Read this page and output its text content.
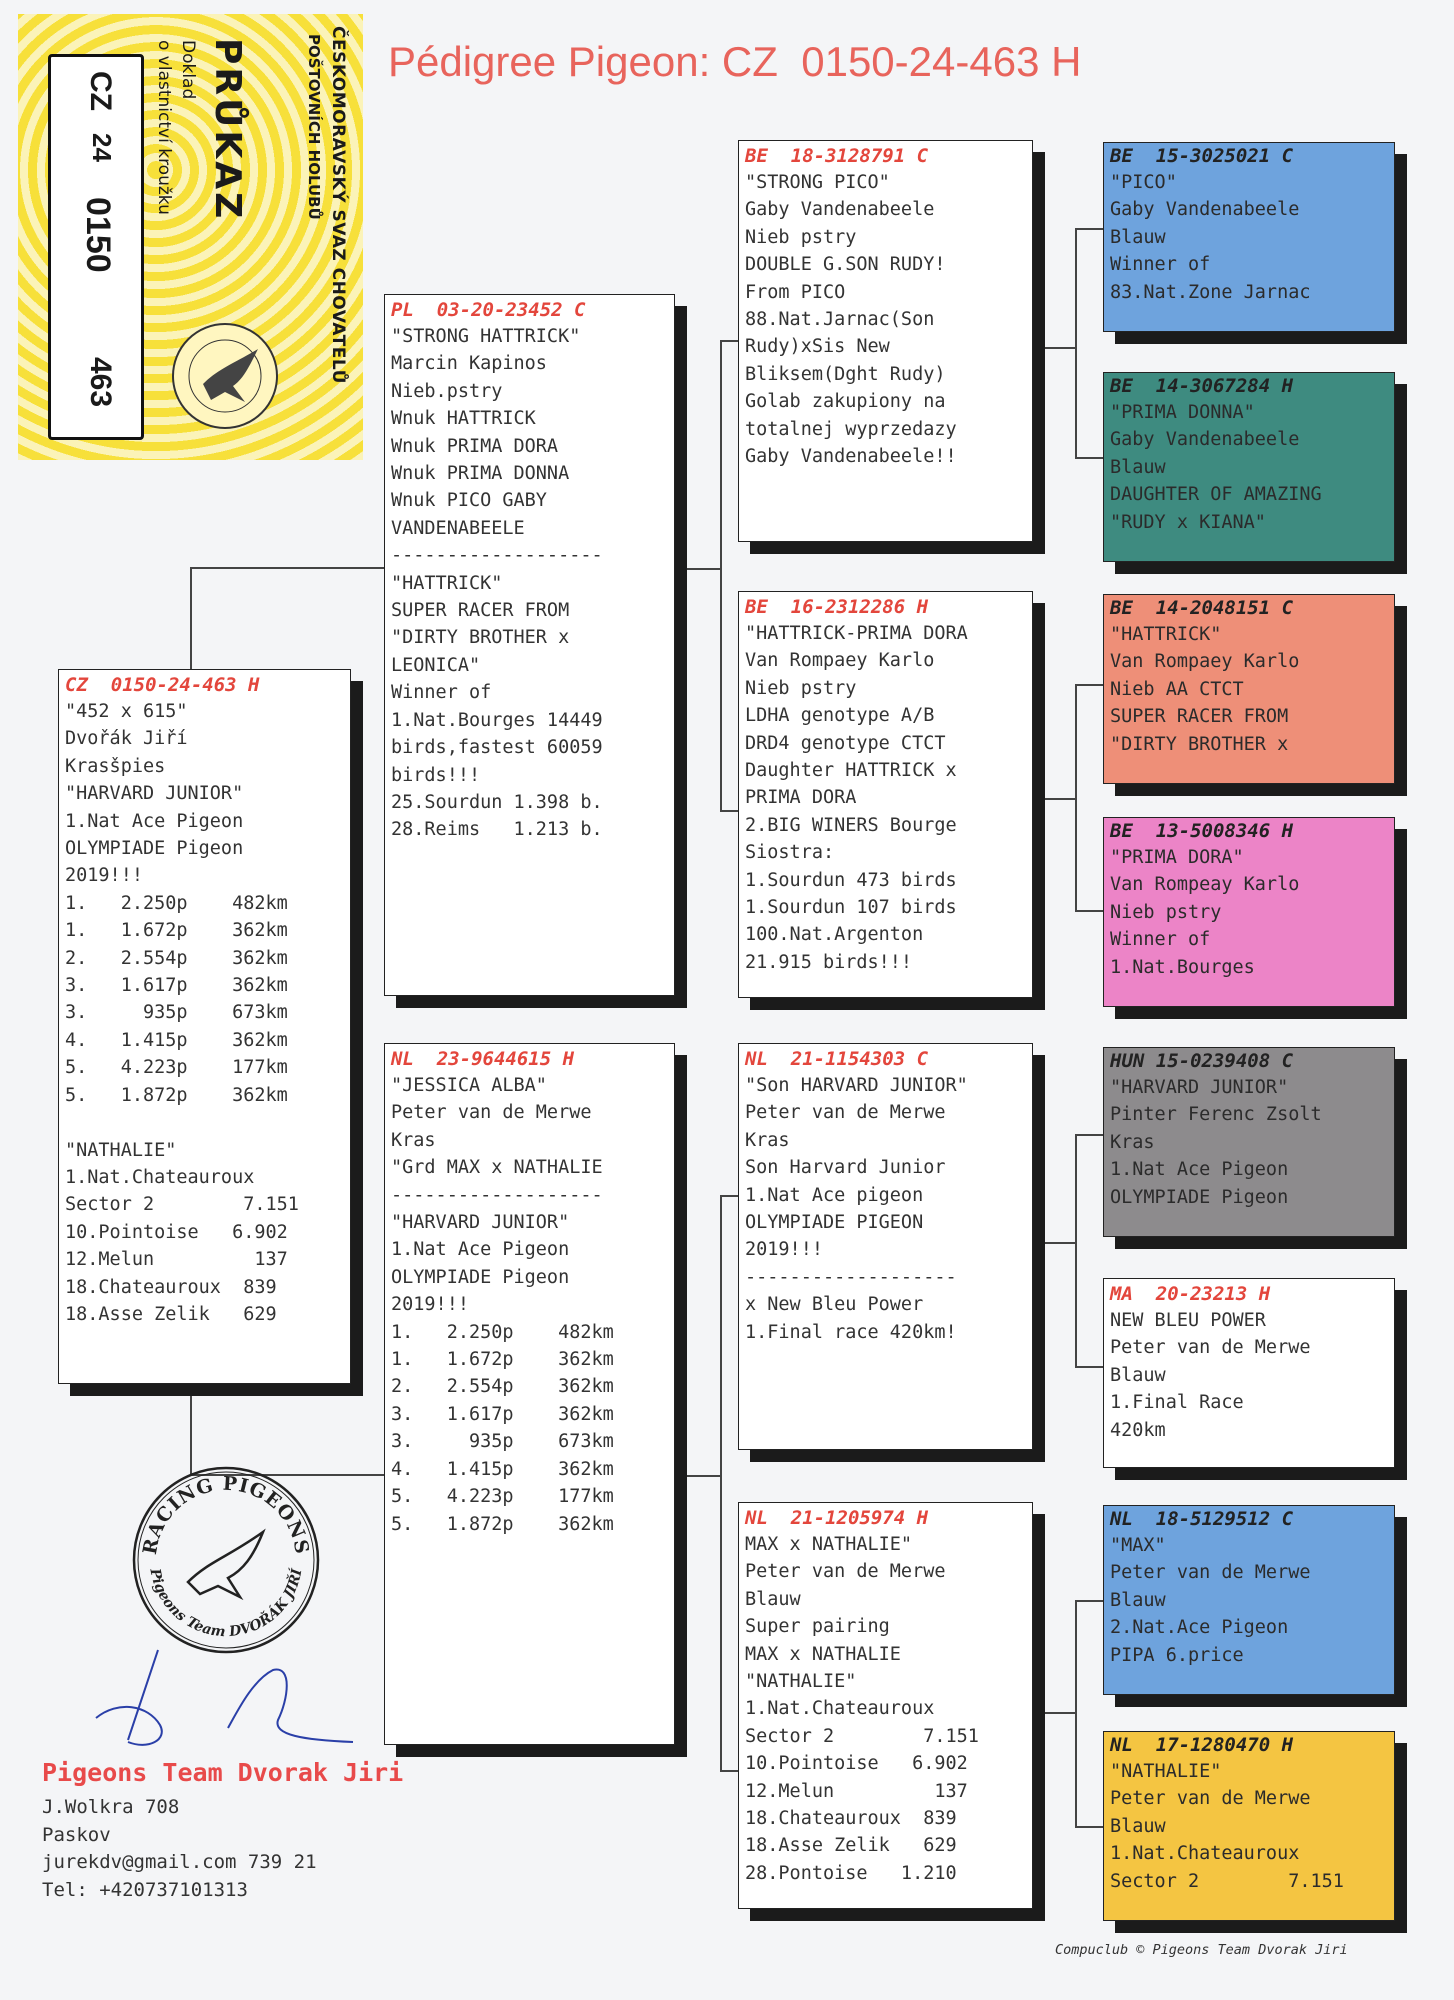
Pédigree Pigeon: CZ  0150-24-463 H
ČESKOMORAVSKÝ SVAZ CHOVATELŮ
POŠTOVNÍCH HOLUBŮ
PRŮKAZ
Doklad
o vlastnictví kroužku
CZ
24
0150
463
CZ  0150-24-463 H
"452 x 615"
Dvořák Jiří
Krasšpies
"HARVARD JUNIOR"
1.Nat Ace Pigeon
OLYMPIADE Pigeon
2019!!!
1.   2.250p    482km
1.   1.672p    362km
2.   2.554p    362km
3.   1.617p    362km
3.     935p    673km
4.   1.415p    362km
5.   4.223p    177km
5.   1.872p    362km

"NATHALIE"
1.Nat.Chateauroux
Sector 2        7.151
10.Pointoise   6.902
12.Melun         137
18.Chateauroux  839
18.Asse Zelik   629
PL  03-20-23452 C
"STRONG HATTRICK"
Marcin Kapinos
Nieb.pstry
Wnuk HATTRICK
Wnuk PRIMA DORA
Wnuk PRIMA DONNA
Wnuk PICO GABY
VANDENABEELE
-------------------
"HATTRICK"
SUPER RACER FROM
"DIRTY BROTHER x
LEONICA"
Winner of
1.Nat.Bourges 14449
birds,fastest 60059
birds!!!
25.Sourdun 1.398 b.
28.Reims   1.213 b.
NL  23-9644615 H
"JESSICA ALBA"
Peter van de Merwe
Kras
"Grd MAX x NATHALIE
-------------------
"HARVARD JUNIOR"
1.Nat Ace Pigeon
OLYMPIADE Pigeon
2019!!!
1.   2.250p    482km
1.   1.672p    362km
2.   2.554p    362km
3.   1.617p    362km
3.     935p    673km
4.   1.415p    362km
5.   4.223p    177km
5.   1.872p    362km
BE  18-3128791 C
"STRONG PICO"
Gaby Vandenabeele
Nieb pstry
DOUBLE G.SON RUDY!
From PICO
88.Nat.Jarnac(Son
Rudy)xSis New
Bliksem(Dght Rudy)
Golab zakupiony na
totalnej wyprzedazy
Gaby Vandenabeele!!
BE  16-2312286 H
"HATTRICK-PRIMA DORA
Van Rompaey Karlo
Nieb pstry
LDHA genotype A/B
DRD4 genotype CTCT
Daughter HATTRICK x
PRIMA DORA
2.BIG WINERS Bourge
Siostra:
1.Sourdun 473 birds
1.Sourdun 107 birds
100.Nat.Argenton
21.915 birds!!!
NL  21-1154303 C
"Son HARVARD JUNIOR"
Peter van de Merwe
Kras
Son Harvard Junior
1.Nat Ace pigeon
OLYMPIADE PIGEON
2019!!!
-------------------
x New Bleu Power
1.Final race 420km!
NL  21-1205974 H
MAX x NATHALIE"
Peter van de Merwe
Blauw
Super pairing
MAX x NATHALIE
"NATHALIE"
1.Nat.Chateauroux
Sector 2        7.151
10.Pointoise   6.902
12.Melun         137
18.Chateauroux  839
18.Asse Zelik   629
28.Pontoise   1.210
BE  15-3025021 C
"PICO"
Gaby Vandenabeele
Blauw
Winner of
83.Nat.Zone Jarnac
BE  14-3067284 H
"PRIMA DONNA"
Gaby Vandenabeele
Blauw
DAUGHTER OF AMAZING
"RUDY x KIANA"
BE  14-2048151 C
"HATTRICK"
Van Rompaey Karlo
Nieb AA CTCT
SUPER RACER FROM
"DIRTY BROTHER x
BE  13-5008346 H
"PRIMA DORA"
Van Rompeay Karlo
Nieb pstry
Winner of
1.Nat.Bourges
HUN 15-0239408 C
"HARVARD JUNIOR"
Pinter Ferenc Zsolt
Kras
1.Nat Ace Pigeon
OLYMPIADE Pigeon
MA  20-23213 H
NEW BLEU POWER
Peter van de Merwe
Blauw
1.Final Race
420km
NL  18-5129512 C
"MAX"
Peter van de Merwe
Blauw
2.Nat.Ace Pigeon
PIPA 6.price
NL  17-1280470 H
"NATHALIE"
Peter van de Merwe
Blauw
1.Nat.Chateauroux
Sector 2        7.151
RACING PIGEONS
Pigeons Team DVOŘÁK JIŘÍ
Pigeons Team Dvorak Jiri
J.Wolkra 708
Paskov
jurekdv@gmail.com 739 21
Tel: +420737101313
Compuclub © Pigeons Team Dvorak Jiri
